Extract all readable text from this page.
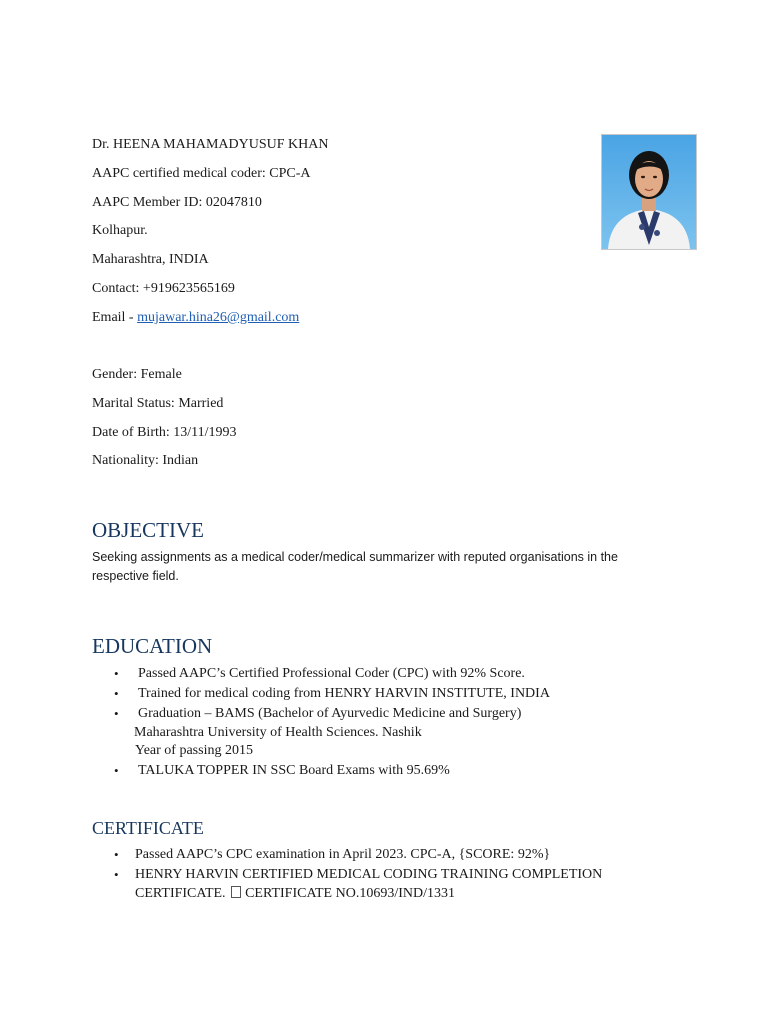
Dr. HEENA MAHAMADYUSUF KHAN
AAPC certified medical coder: CPC-A
AAPC Member ID: 02047810
Kolhapur.
Maharashtra, INDIA
Contact: +919623565169
Email - mujawar.hina26@gmail.com
Gender: Female
Marital Status: Married
Date of Birth: 13/11/1993
Nationality: Indian
OBJECTIVE
Seeking assignments as a medical coder/medical summarizer with reputed organisations in the
respective field.
EDUCATION
• Passed AAPC’s Certified Professional Coder (CPC) with 92% Score.
• Trained for medical coding from HENRY HARVIN INSTITUTE, INDIA
• Graduation – BAMS (Bachelor of Ayurvedic Medicine and Surgery)
Maharashtra University of Health Sciences. Nashik
Year of passing 2015
• TALUKA TOPPER IN SSC Board Exams with 95.69%
CERTIFICATE
• Passed AAPC’s CPC examination in April 2023. CPC-A, {SCORE: 92%}
• HENRY HARVIN CERTIFIED MEDICAL CODING TRAINING COMPLETION
CERTIFICATE. CERTIFICATE NO.10693/IND/1331
